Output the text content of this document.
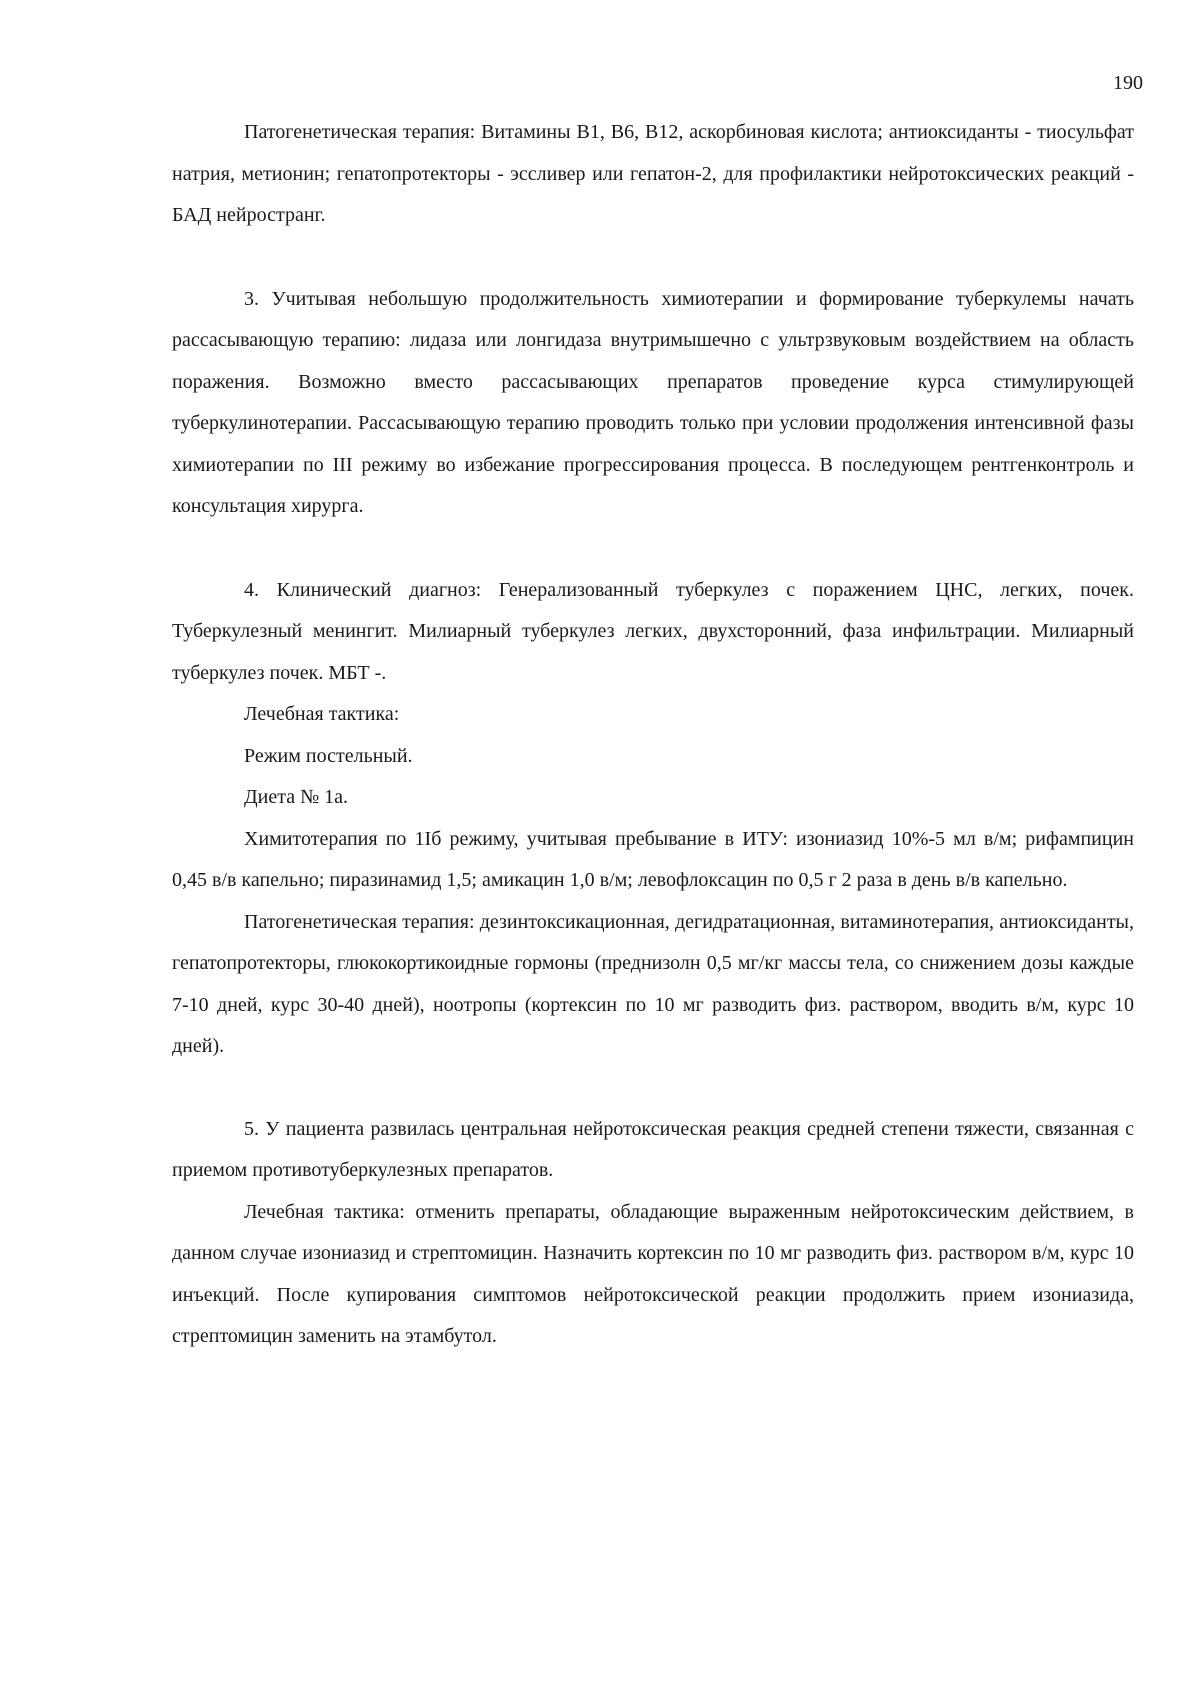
190

Патогенетическая терапия: Витамины В1, В6, В12, аскорбиновая кислота; антиоксиданты - тиосульфат натрия, метионин; гепатопротекторы - эссливер или гепатон-2, для профилактики нейротоксических реакций - БАД нейространг.

3. Учитывая небольшую продолжительность химиотерапии и формирование туберкулемы начать рассасывающую терапию: лидаза или лонгидаза внутримышечно с ультрзвуковым воздействием на область поражения. Возможно вместо рассасывающих препаратов проведение курса стимулирующей туберкулинотерапии. Рассасывающую терапию проводить только при условии продолжения интенсивной фазы химиотерапии по III режиму во избежание прогрессирования процесса. В последующем рентгенконтроль и консультация хирурга.

4. Клинический диагноз: Генерализованный туберкулез с поражением ЦНС, легких, почек. Туберкулезный менингит. Милиарный туберкулез легких, двухсторонний, фаза инфильтрации. Милиарный туберкулез почек. МБТ -.

Лечебная тактика:

Режим постельный.

Диета № 1а.

Химитотерапия по 1Iб режиму, учитывая пребывание в ИТУ: изониазид 10%-5 мл в/м; рифампицин 0,45 в/в капельно; пиразинамид 1,5; амикацин 1,0 в/м; левофлоксацин по 0,5 г 2 раза в день в/в капельно.

Патогенетическая терапия: дезинтоксикационная, дегидратационная, витаминотерапия, антиоксиданты, гепатопротекторы, глюкокортикоидные гормоны (преднизолн 0,5 мг/кг массы тела, со снижением дозы каждые 7-10 дней, курс 30-40 дней), ноотропы (кортексин по 10 мг разводить физ. раствором, вводить в/м, курс 10 дней).

5. У пациента развилась центральная нейротоксическая реакция средней степени тяжести, связанная с приемом противотуберкулезных препаратов.

Лечебная тактика: отменить препараты, обладающие выраженным нейротоксическим действием, в данном случае изониазид и стрептомицин. Назначить кортексин по 10 мг разводить физ. раствором в/м, курс 10 инъекций. После купирования симптомов нейротоксической реакции продолжить прием изониазида, стрептомицин заменить на этамбутол.
